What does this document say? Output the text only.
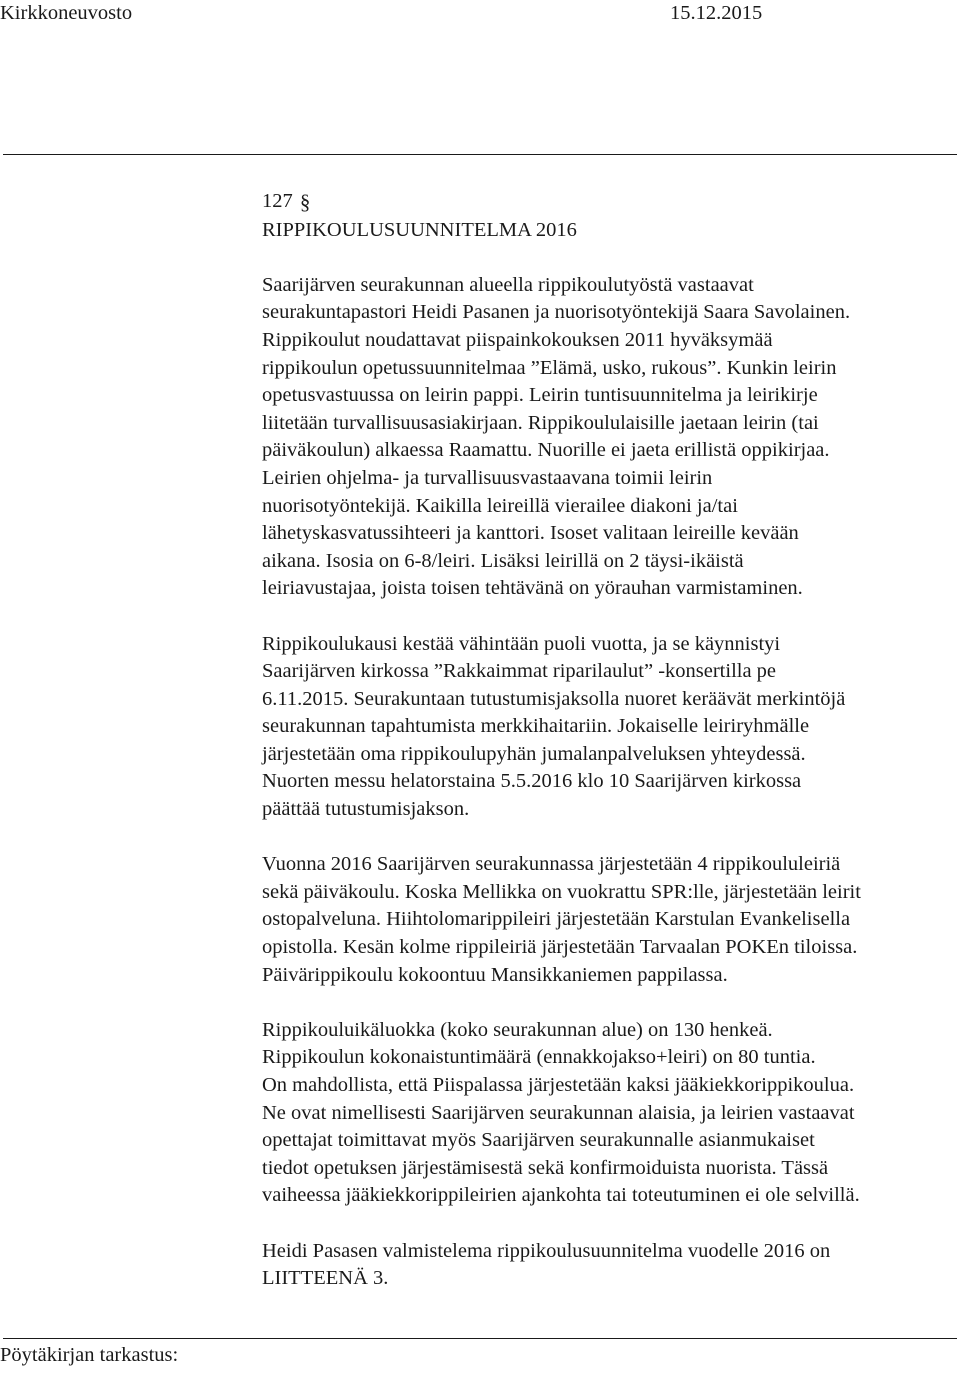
Kirkkoneuvosto	15.12.2015

127 §

RIPPIKOULUSUUNNITELMA 2016

Saarijärven seurakunnan alueella rippikoulutyöstä vastaavat

seurakuntapastori Heidi Pasanen ja nuorisotyöntekijä Saara Savolainen.

Rippikoulut noudattavat piispainkokouksen 2011 hyväksymää

rippikoulun opetussuunnitelmaa ”Elämä, usko, rukous”. Kunkin leirin

opetusvastuussa on leirin pappi. Leirin tuntisuunnitelma ja leirikirje

liitetään turvallisuusasiakirjaan. Rippikoululaisille jaetaan leirin (tai

päiväkoulun) alkaessa Raamattu. Nuorille ei jaeta erillistä oppikirjaa.

Leirien ohjelma- ja turvallisuusvastaavana toimii leirin

nuorisotyöntekijä. Kaikilla leireillä vierailee diakoni ja/tai

lähetyskasvatussihteeri ja kanttori. Isoset valitaan leireille kevään

aikana. Isosia on 6-8/leiri. Lisäksi leirillä on 2 täysi-ikäistä

leiriavustajaa, joista toisen tehtävänä on yörauhan varmistaminen.

Rippikoulukausi kestää vähintään puoli vuotta, ja se käynnistyi

Saarijärven kirkossa ”Rakkaimmat riparilaulut” -konsertilla pe

6.11.2015. Seurakuntaan tutustumisjaksolla nuoret keräävät merkintöjä

seurakunnan tapahtumista merkkihaitariin. Jokaiselle leiriryhmälle

järjestetään oma rippikoulupyhän jumalanpalveluksen yhteydessä.

Nuorten messu helatorstaina 5.5.2016 klo 10 Saarijärven kirkossa

päättää tutustumisjakson.

Vuonna 2016 Saarijärven seurakunnassa järjestetään 4 rippikoululeiriä

sekä päiväkoulu. Koska Mellikka on vuokrattu SPR:lle, järjestetään leirit

ostopalveluna. Hiihtolomarippileiri järjestetään Karstulan Evankelisella

opistolla. Kesän kolme rippileiriä järjestetään Tarvaalan POKEn tiloissa.

Päivärippikoulu kokoontuu Mansikkaniemen pappilassa.

Rippikouluikäluokka (koko seurakunnan alue) on 130 henkeä.

Rippikoulun kokonaistuntimäärä (ennakkojakso+leiri) on 80 tuntia.

On mahdollista, että Piispalassa järjestetään kaksi jääkiekkorippikoulua.

Ne ovat nimellisesti Saarijärven seurakunnan alaisia, ja leirien vastaavat

opettajat toimittavat myös Saarijärven seurakunnalle asianmukaiset

tiedot opetuksen järjestämisestä sekä konfirmoiduista nuorista. Tässä

vaiheessa jääkiekkorippileirien ajankohta tai toteutuminen ei ole selvillä.

Heidi Pasasen valmistelema rippikoulusuunnitelma vuodelle 2016 on

LIITTEENÄ 3.

Pöytäkirjan tarkastus:
